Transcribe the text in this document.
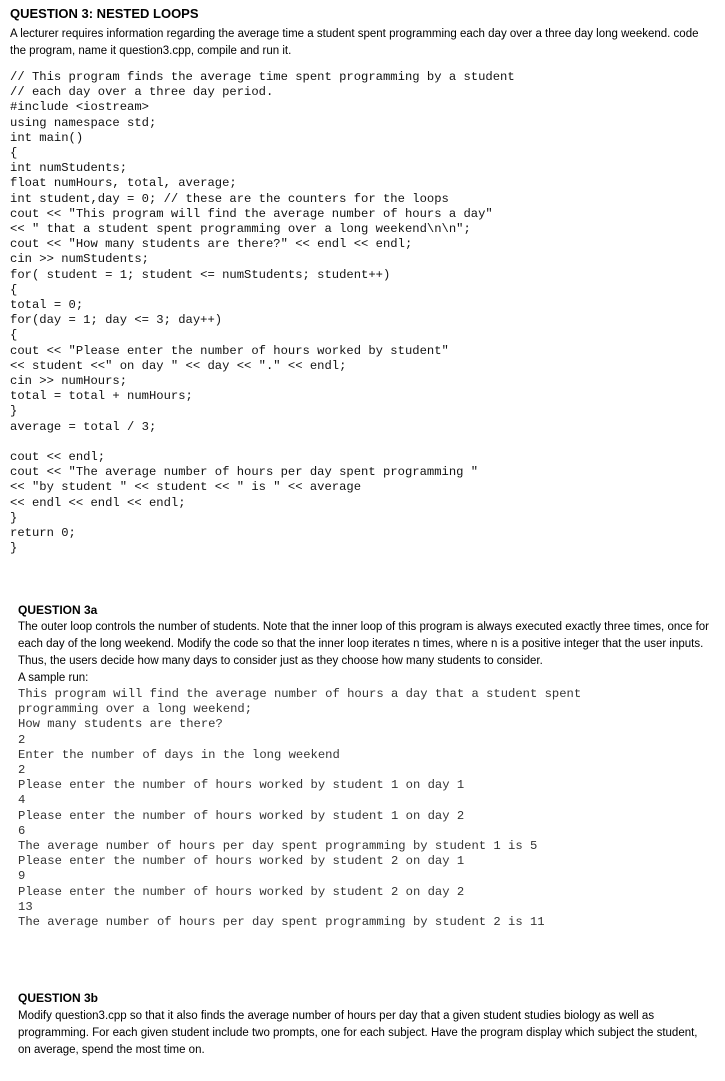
QUESTION 3: NESTED LOOPS

A lecturer requires information regarding the average time a student spent programming each day over a three day long weekend. code the program, name it question3.cpp, compile and run it.

// This program finds the average time spent programming by a student
// each day over a three day period.
#include <iostream>
using namespace std;
int main()
{
int numStudents;
float numHours, total, average;
int student,day = 0; // these are the counters for the loops
cout << "This program will find the average number of hours a day"
<< " that a student spent programming over a long weekend\n\n";
cout << "How many students are there?" << endl << endl;
cin >> numStudents;
for( student = 1; student <= numStudents; student++)
{
total = 0;
for(day = 1; day <= 3; day++)
{
cout << "Please enter the number of hours worked by student"
<< student <<" on day " << day << "." << endl;
cin >> numHours;
total = total + numHours;
}
average = total / 3;
cout << endl;
cout << "The average number of hours per day spent programming "
<< "by student " << student << " is " << average
<< endl << endl << endl;
}
return 0;
}
QUESTION 3a

The outer loop controls the number of students. Note that the inner loop of this program is always executed exactly three times, once for each day of the long weekend. Modify the code so that the inner loop iterates n times, where n is a positive integer that the user inputs. Thus, the users decide how many days to consider just as they choose how many students to consider.

A sample run:

This program will find the average number of hours a day that a student spent
programming over a long weekend;
How many students are there?
2
Enter the number of days in the long weekend
2
Please enter the number of hours worked by student 1 on day 1
4
Please enter the number of hours worked by student 1 on day 2
6
The average number of hours per day spent programming by student 1 is 5
Please enter the number of hours worked by student 2 on day 1
9
Please enter the number of hours worked by student 2 on day 2
13
The average number of hours per day spent programming by student 2 is 11
QUESTION 3b

Modify question3.cpp so that it also finds the average number of hours per day that a given student studies biology as well as programming. For each given student include two prompts, one for each subject. Have the program display which subject the student, on average, spend the most time on.
